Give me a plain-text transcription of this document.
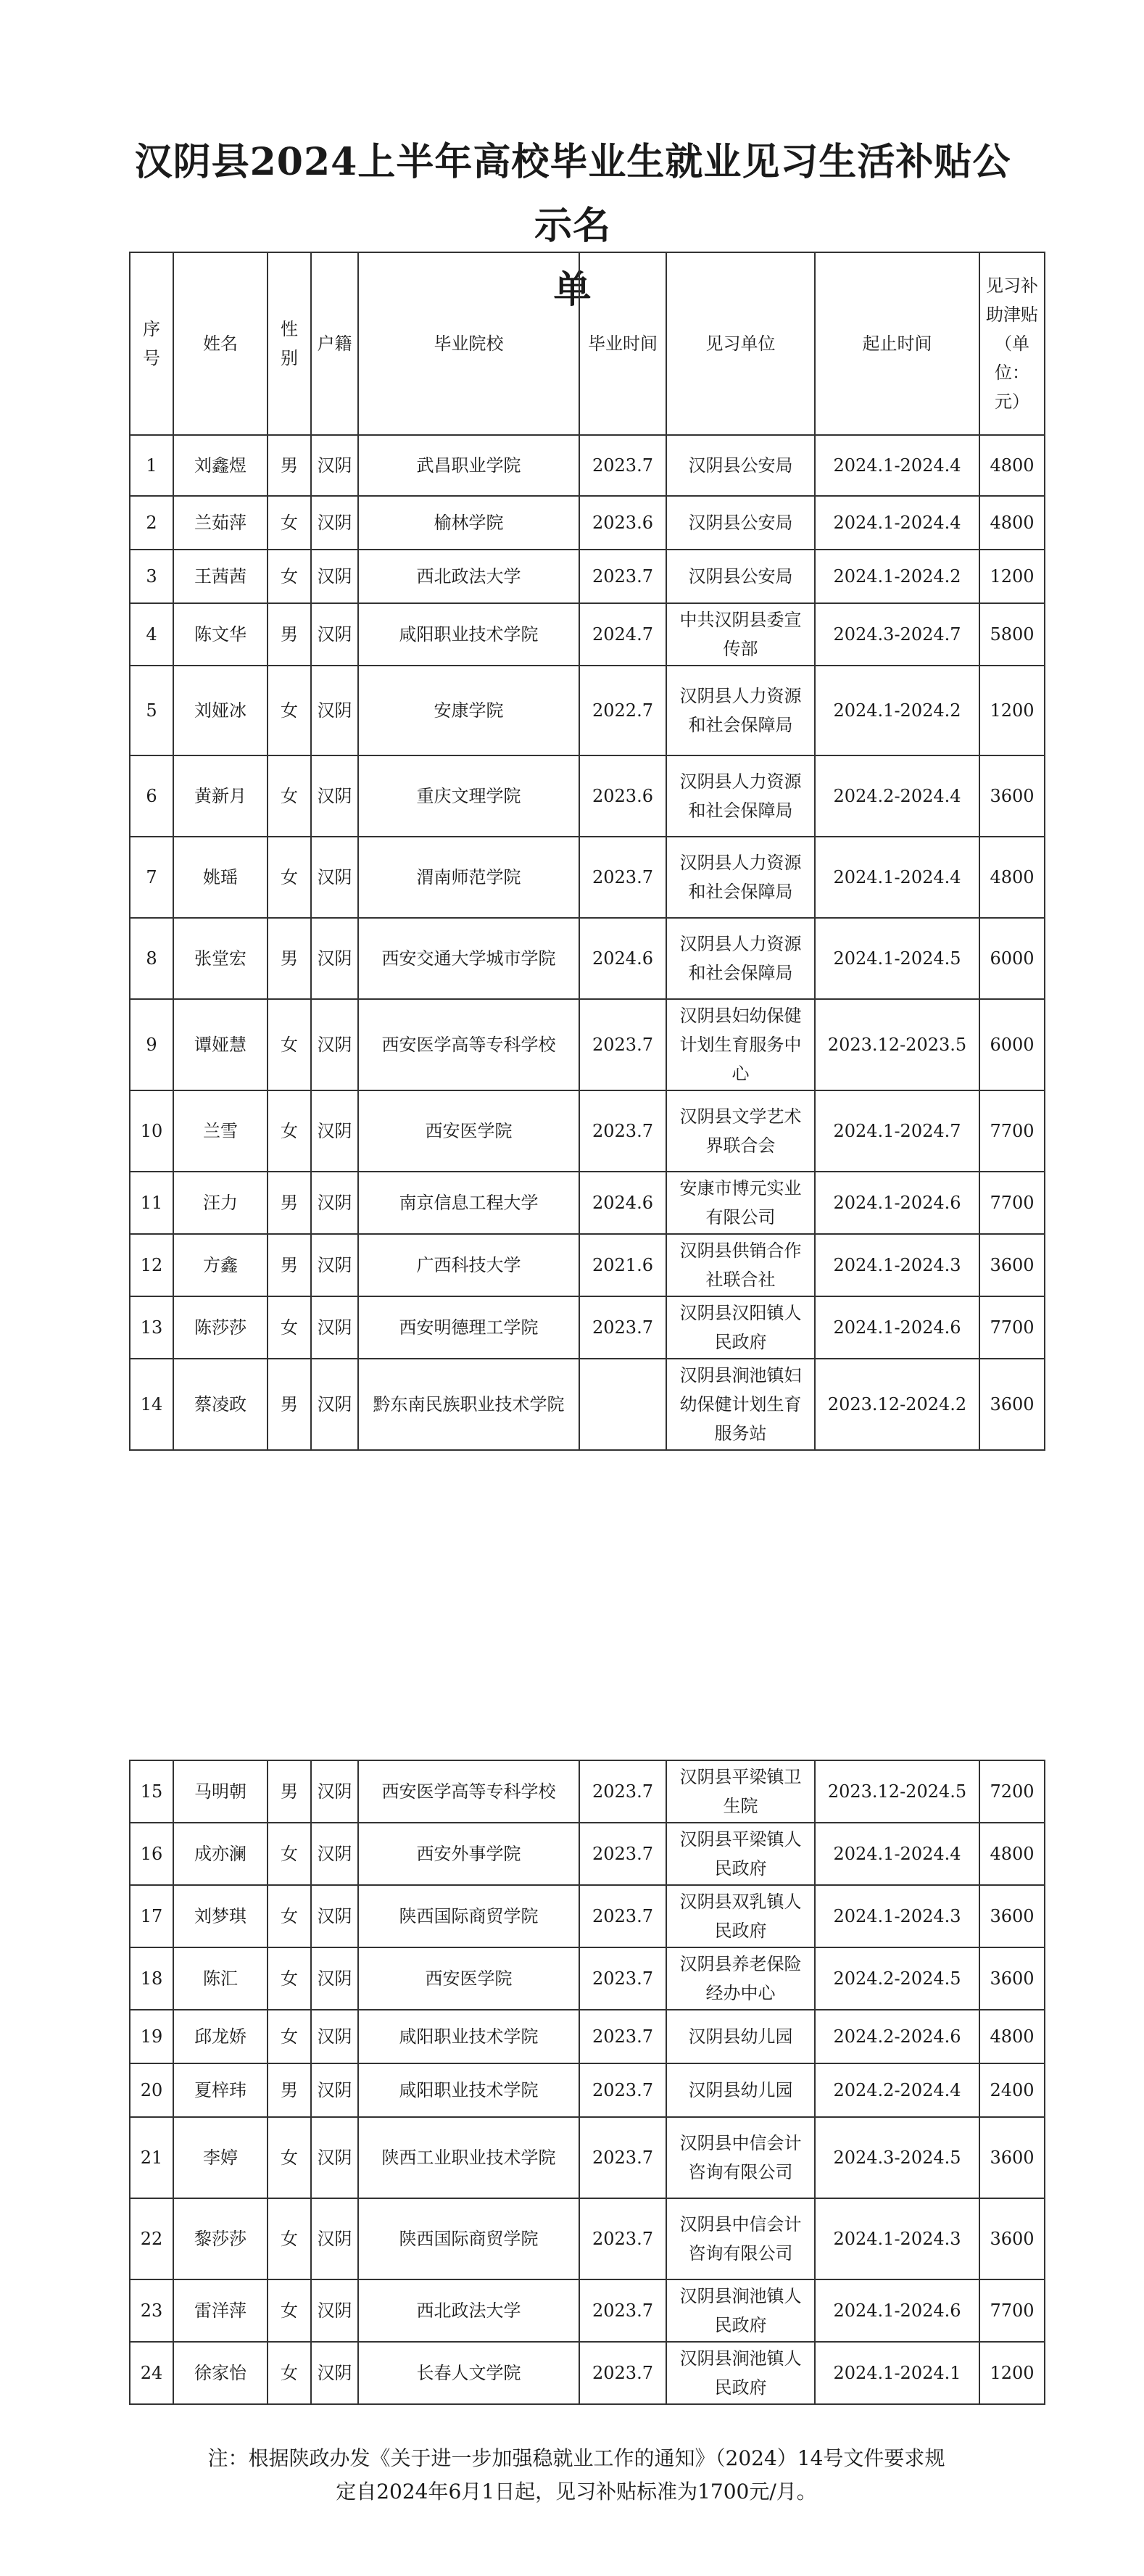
汉阴县2024上半年高校毕业生就业见习生活补贴公示名
单
序号	姓名	性别	户籍	毕业院校	毕业时间	见习单位	起止时间	见习补助津贴（单位：元）
1	刘鑫煜	男	汉阴	武昌职业学院	2023.7	汉阴县公安局	2024.1-2024.4	4800
2	兰茹萍	女	汉阴	榆林学院	2023.6	汉阴县公安局	2024.1-2024.4	4800
3	王茜茜	女	汉阴	西北政法大学	2023.7	汉阴县公安局	2024.1-2024.2	1200
4	陈文华	男	汉阴	咸阳职业技术学院	2024.7	中共汉阴县委宣传部	2024.3-2024.7	5800
5	刘娅冰	女	汉阴	安康学院	2022.7	汉阴县人力资源和社会保障局	2024.1-2024.2	1200
6	黄新月	女	汉阴	重庆文理学院	2023.6	汉阴县人力资源和社会保障局	2024.2-2024.4	3600
7	姚瑶	女	汉阴	渭南师范学院	2023.7	汉阴县人力资源和社会保障局	2024.1-2024.4	4800
8	张堂宏	男	汉阴	西安交通大学城市学院	2024.6	汉阴县人力资源和社会保障局	2024.1-2024.5	6000
9	谭娅慧	女	汉阴	西安医学高等专科学校	2023.7	汉阴县妇幼保健计划生育服务中心	2023.12-2023.5	6000
10	兰雪	女	汉阴	西安医学院	2023.7	汉阴县文学艺术界联合会	2024.1-2024.7	7700
11	汪力	男	汉阴	南京信息工程大学	2024.6	安康市博元实业有限公司	2024.1-2024.6	7700
12	方鑫	男	汉阴	广西科技大学	2021.6	汉阴县供销合作社联合社	2024.1-2024.3	3600
13	陈莎莎	女	汉阴	西安明德理工学院	2023.7	汉阴县汉阳镇人民政府	2024.1-2024.6	7700
14	蔡凌政	男	汉阴	黔东南民族职业技术学院		汉阴县涧池镇妇幼保健计划生育服务站	2023.12-2024.2	3600
15	马明朝	男	汉阴	西安医学高等专科学校	2023.7	汉阴县平梁镇卫生院	2023.12-2024.5	7200
16	成亦澜	女	汉阴	西安外事学院	2023.7	汉阴县平梁镇人民政府	2024.1-2024.4	4800
17	刘梦琪	女	汉阴	陕西国际商贸学院	2023.7	汉阴县双乳镇人民政府	2024.1-2024.3	3600
18	陈汇	女	汉阴	西安医学院	2023.7	汉阴县养老保险经办中心	2024.2-2024.5	3600
19	邱龙娇	女	汉阴	咸阳职业技术学院	2023.7	汉阴县幼儿园	2024.2-2024.6	4800
20	夏梓玮	男	汉阴	咸阳职业技术学院	2023.7	汉阴县幼儿园	2024.2-2024.4	2400
21	李婷	女	汉阴	陕西工业职业技术学院	2023.7	汉阴县中信会计咨询有限公司	2024.3-2024.5	3600
22	黎莎莎	女	汉阴	陕西国际商贸学院	2023.7	汉阴县中信会计咨询有限公司	2024.1-2024.3	3600
23	雷洋萍	女	汉阴	西北政法大学	2023.7	汉阴县涧池镇人民政府	2024.1-2024.6	7700
24	徐家怡	女	汉阴	长春人文学院	2023.7	汉阴县涧池镇人民政府	2024.1-2024.1	1200
注：根据陕政办发《关于进一步加强稳就业工作的通知》（2024）14号文件要求规
定自2024年6月1日起，见习补贴标准为1700元/月。
